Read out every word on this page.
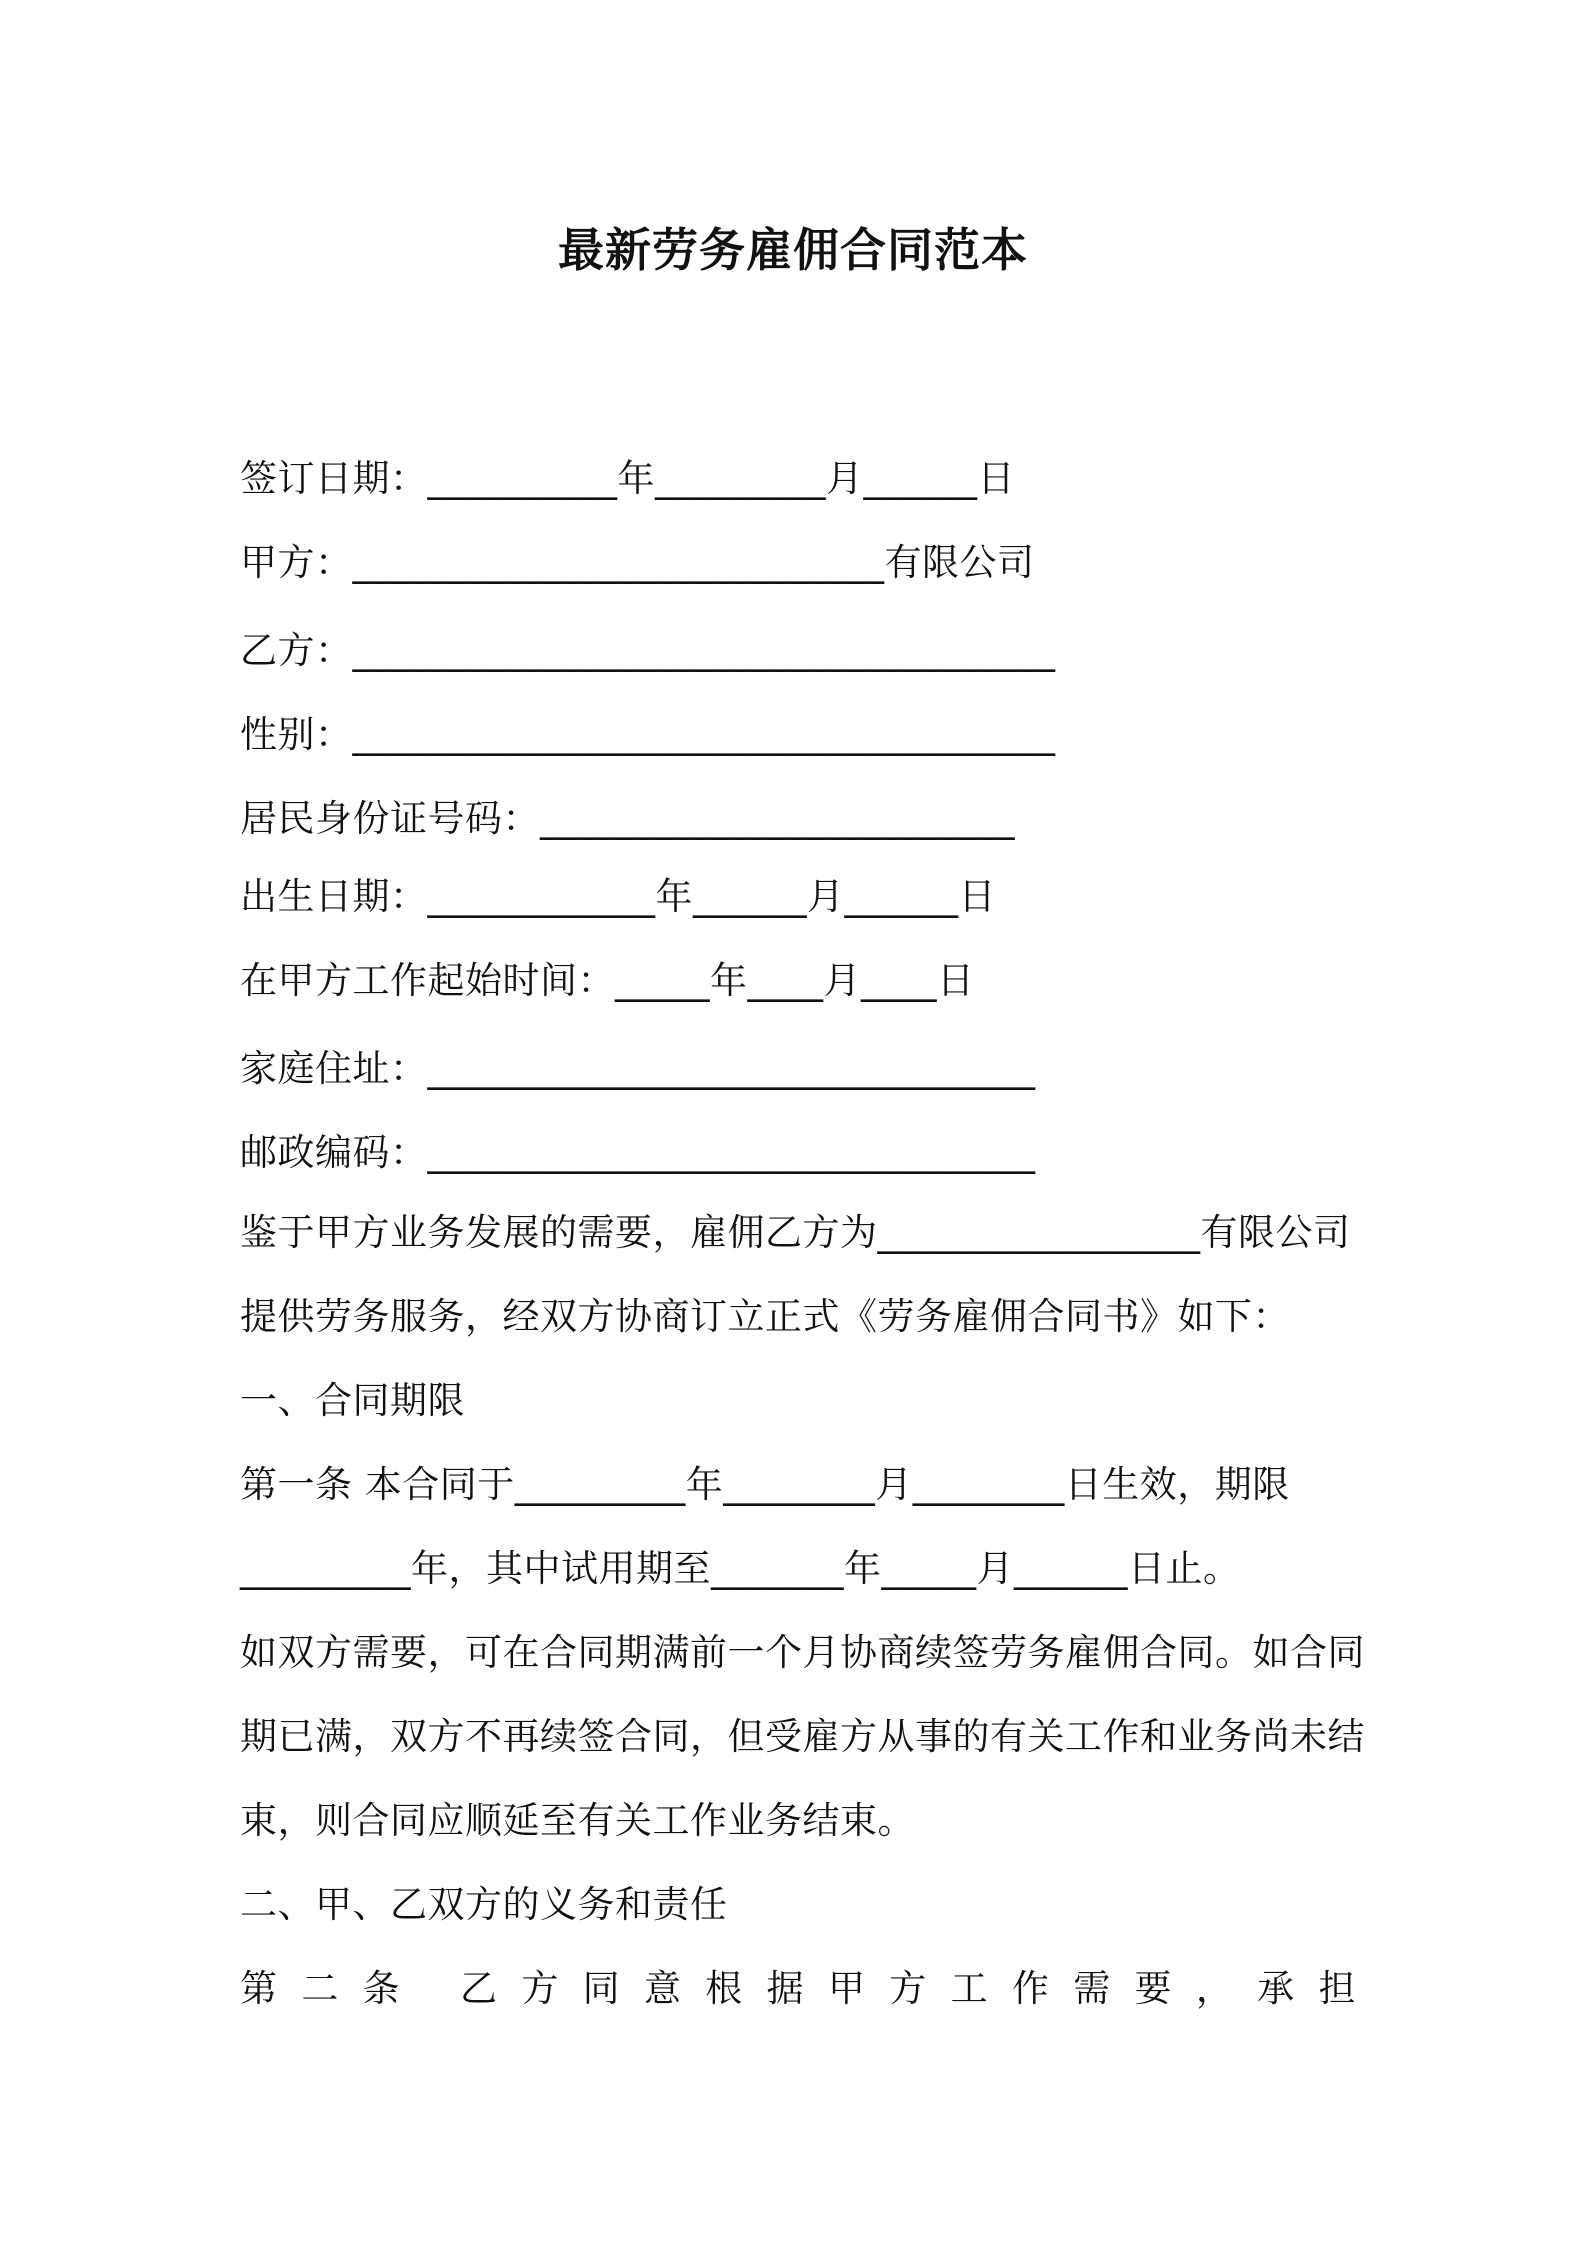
最新劳务雇佣合同范本
签订日期：__________年_________月______日
甲方：____________________________有限公司
乙方：_____________________________________
性别：_____________________________________
居民身份证号码：_________________________
出生日期：____________年______月______日
在甲方工作起始时间：_____年____月____日
家庭住址：________________________________
邮政编码：________________________________
鉴于甲方业务发展的需要，雇佣乙方为_________________有限公司
提供劳务服务，经双方协商订立正式《劳务雇佣合同书》如下：
一、合同期限
第一条 本合同于_________年________月________日生效，期限
_________年，其中试用期至_______年_____月______日止。
如双方需要，可在合同期满前一个月协商续签劳务雇佣合同。如合同
期已满，双方不再续签合同，但受雇方从事的有关工作和业务尚未结
束，则合同应顺延至有关工作业务结束。
二、甲、乙双方的义务和责任
第二条 乙方同意根据甲方工作需要，承担
